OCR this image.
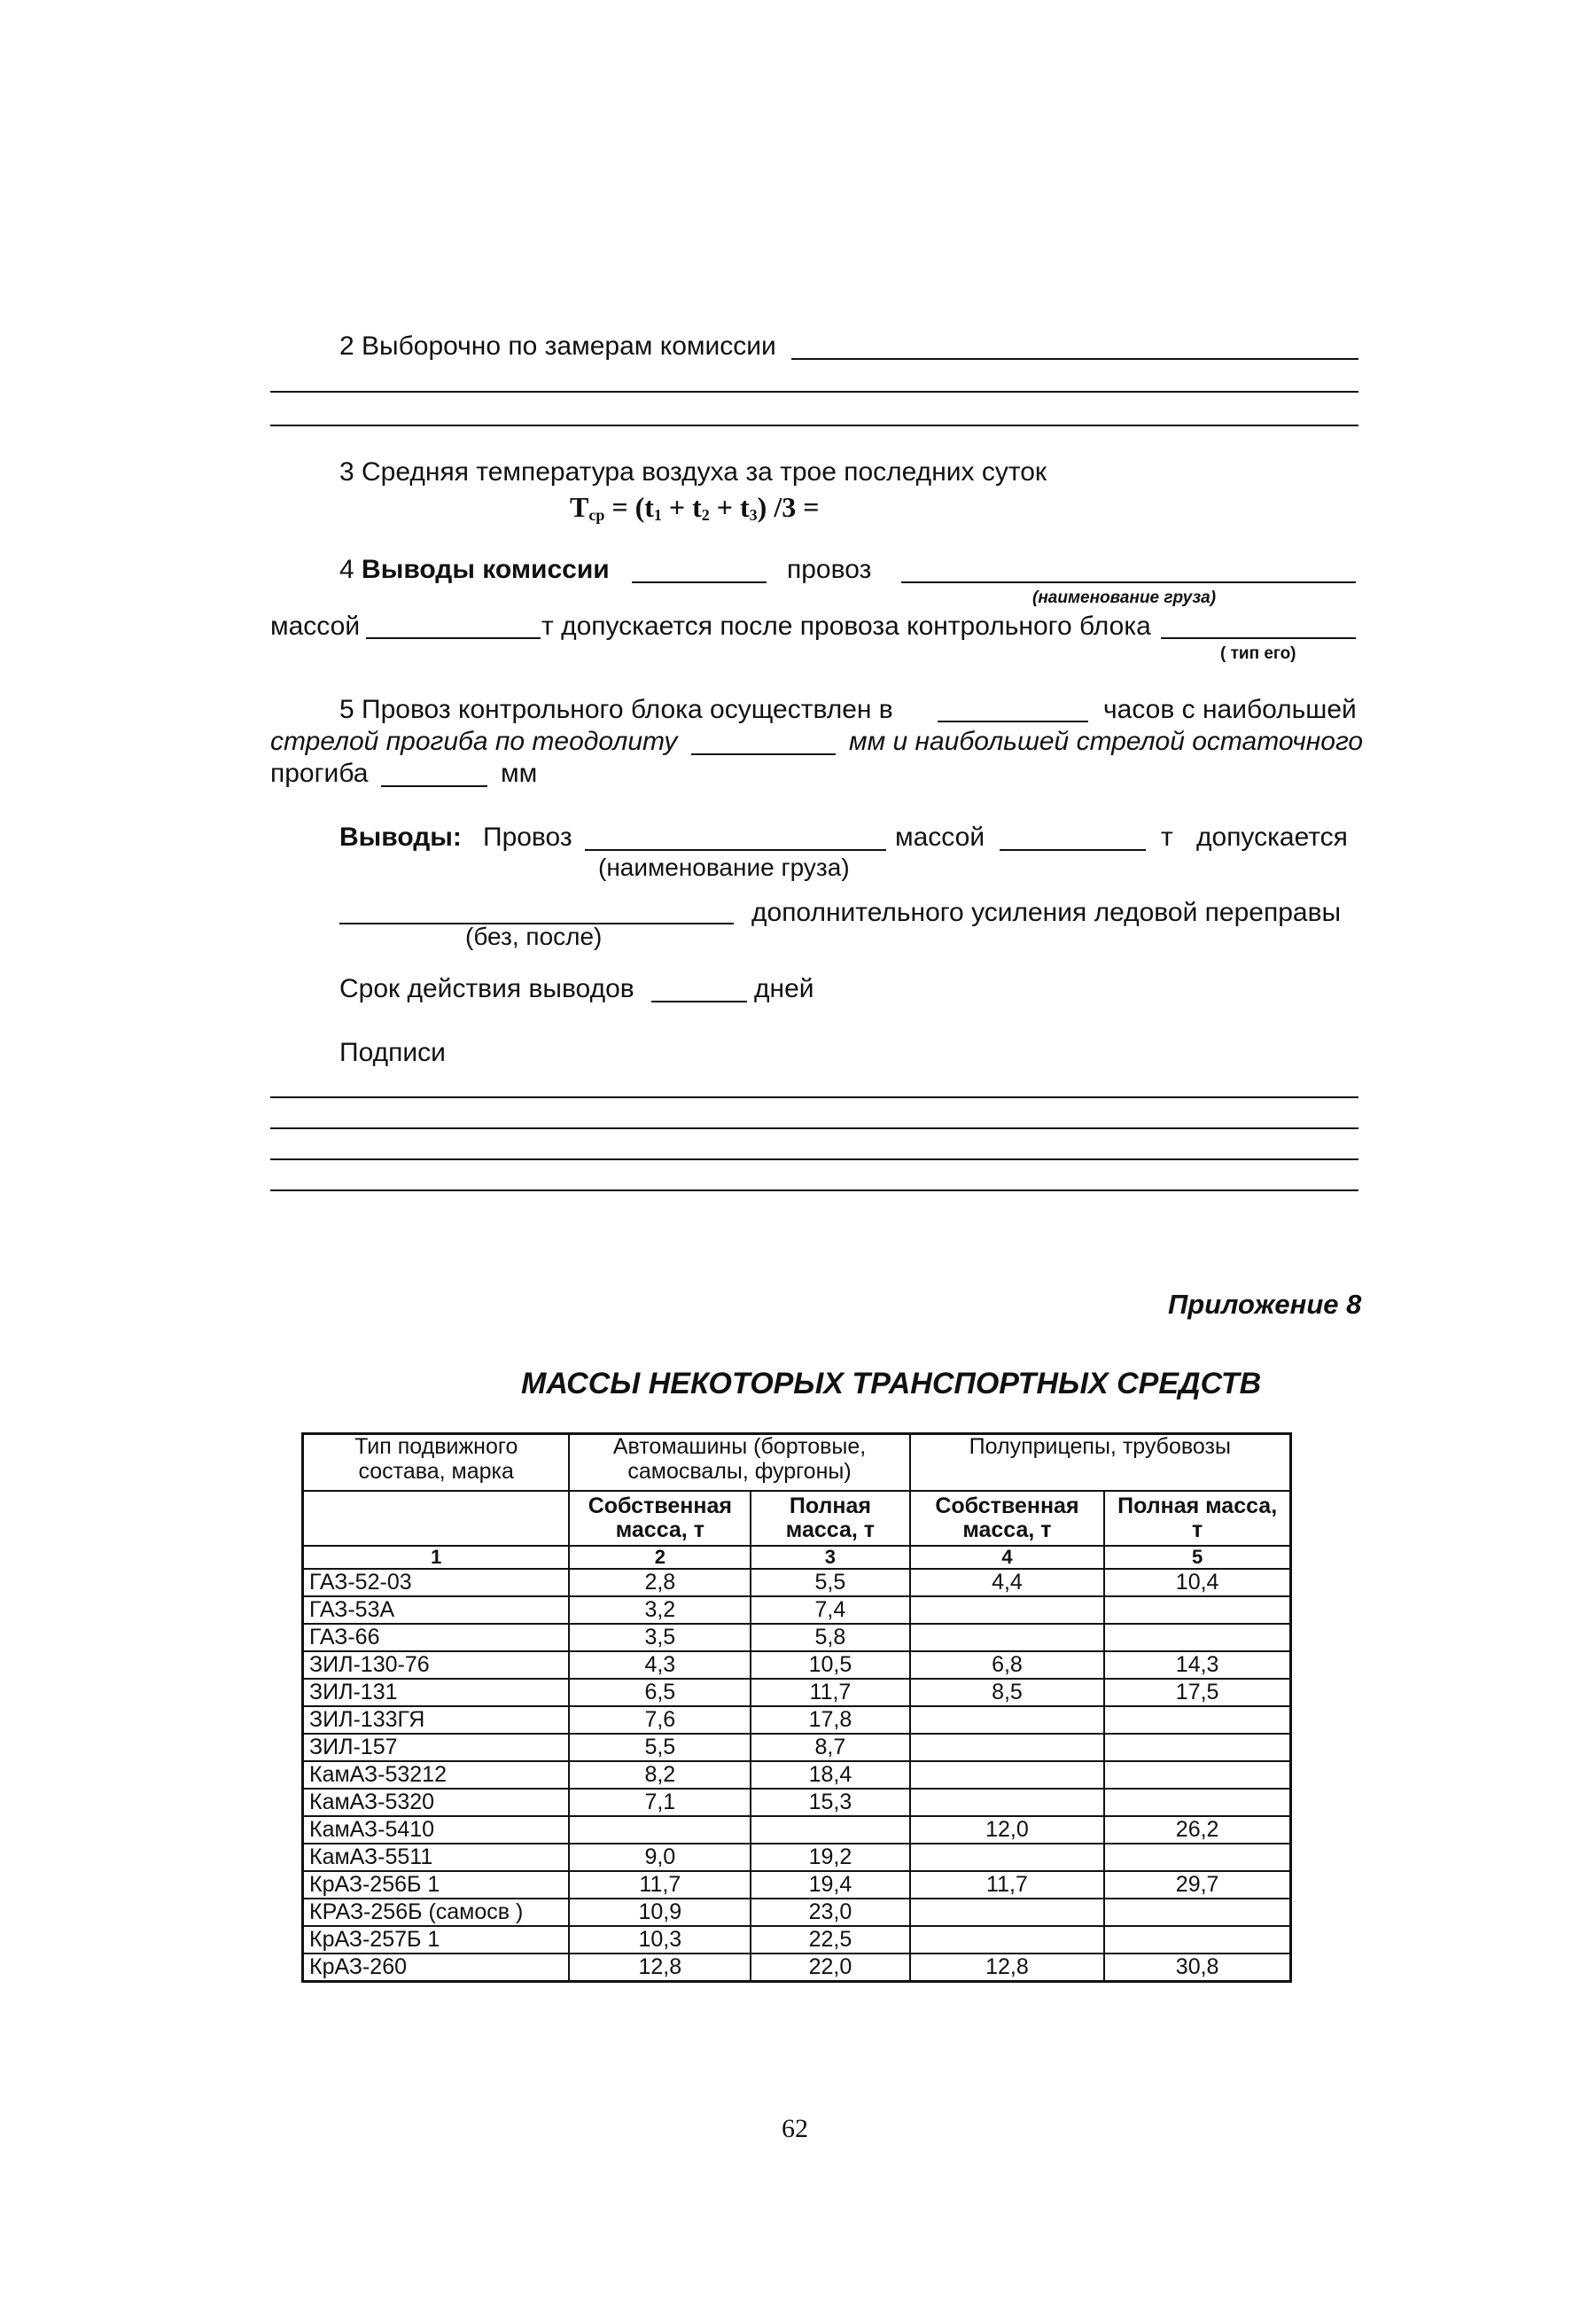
2 Выборочно по замерам комиссии
3 Средняя температура воздуха за трое последних суток
$T_{ср} = (t_1 + t_2 + t_3) /3$ =
4 Выводы комиссии	провоз
(наименование груза)
массой	т допускается после провоза контрольного блока
( тип его)
5 Провоз контрольного блока осуществлен в	часов с наибольшей
стрелой прогиба по теодолиту	мм и наибольшей стрелой остаточного
прогиба	мм
Выводы: Провоз
(наименование груза)
массой	т допускается
(без, после)
дополнительного усиления ледовой переправы
Срок действия выводов	дней
Подписи
Приложение 8
МАССЫ НЕКОТОРЫХ ТРАНСПОРТНЫХ СРЕДСТВ
Тип подвижного состава, марка	Автомашины (бортовые, самосвалы, фургоны)		Полуприцепы, трубовозы	
	Собственная масса, т	Полная масса, т	Собственная масса, т	Полная масса, т
1	2	3	4	5
ГАЗ-52-03	2,8	5,5	4,4	10,4
ГАЗ-53А	3,2	7,4		
ГАЗ-66	3,5	5,8		
ЗИЛ-130-76	4,3	10,5	6,8	14,3
ЗИЛ-131	6,5	11,7	8,5	17,5
ЗИЛ-133ГЯ	7,6	17,8		
ЗИЛ-157	5,5	8,7		
КамАЗ-53212	8,2	18,4		
КамАЗ-5320	7,1	15,3		
КамАЗ-5410			12,0	26,2
КамАЗ-5511	9,0	19,2		
КрАЗ-256Б 1	11,7	19,4	11,7	29,7
КРАЗ-256Б (самосв )	10,9	23,0		
КрАЗ-257Б 1	10,3	22,5		
КрАЗ-260	12,8	22,0	12,8	30,8
62
